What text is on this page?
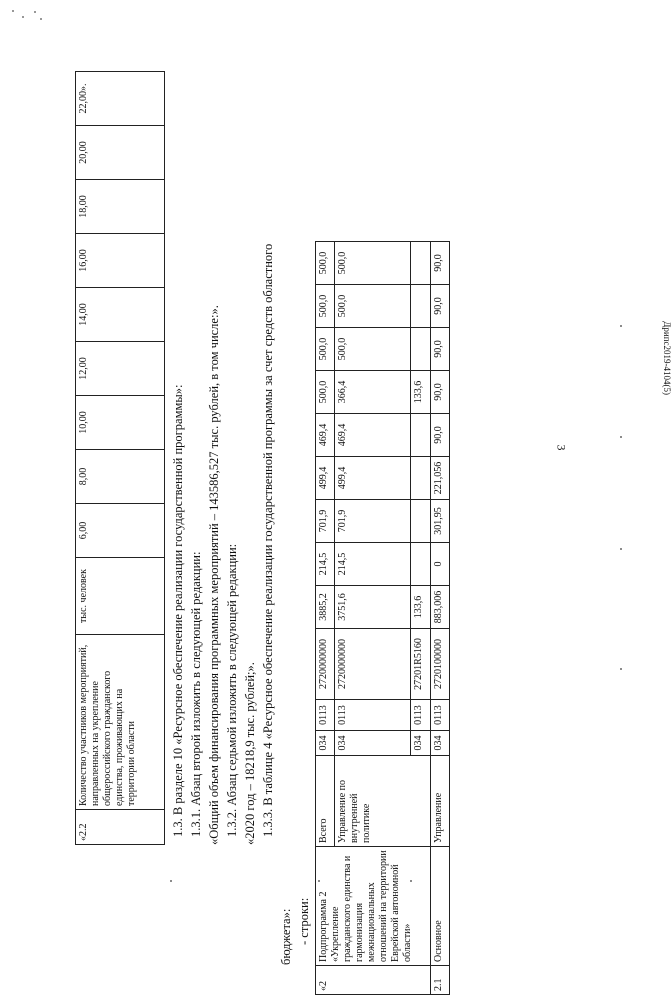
3
Дрипс2019-4104(5)
«2.2	Количество участников мероприятий, направленных на укрепление общероссийского гражданского единства, проживающих на территории области	тыс. человек	6,00	8,00	10,00	12,00	14,00	16,00	18,00	20,00	22,00».
1.3. В разделе 10 «Ресурсное обеспечение реализации государственной программы»: 1.3.1. Абзац второй изложить в следующей редакции: «Общий объем финансирования программных мероприятий – 143586,527 тыс. рублей, в том числе:». 1.3.2. Абзац седьмой изложить в следующей редакции: «2020 год – 18218,9 тыс. рублей;». 1.3.3. В таблице 4 «Ресурсное обеспечение реализации государственной программы за счет средств областного
бюджета»: - строки:
«2	Подпрограмма 2 «Укрепление гражданского единства и гармонизация межнациональных отношений на территории Еврейской автономной области»	Всего	034	0113	2720000000	3885,2	214,5	701,9	499,4	469,4	500,0	500,0	500,0	500,0
		Управление по внутренней политике	034	0113	2720000000	3751,6	214,5	701,9	499,4	469,4	366,4	500,0	500,0	500,0
			034	0113	27201R5160	133,6					133,6			
2.1	Основное	Управление	034	0113	2720100000	883,006	0	301,95	221,056	90,0	90,0	90,0	90,0	90,0
